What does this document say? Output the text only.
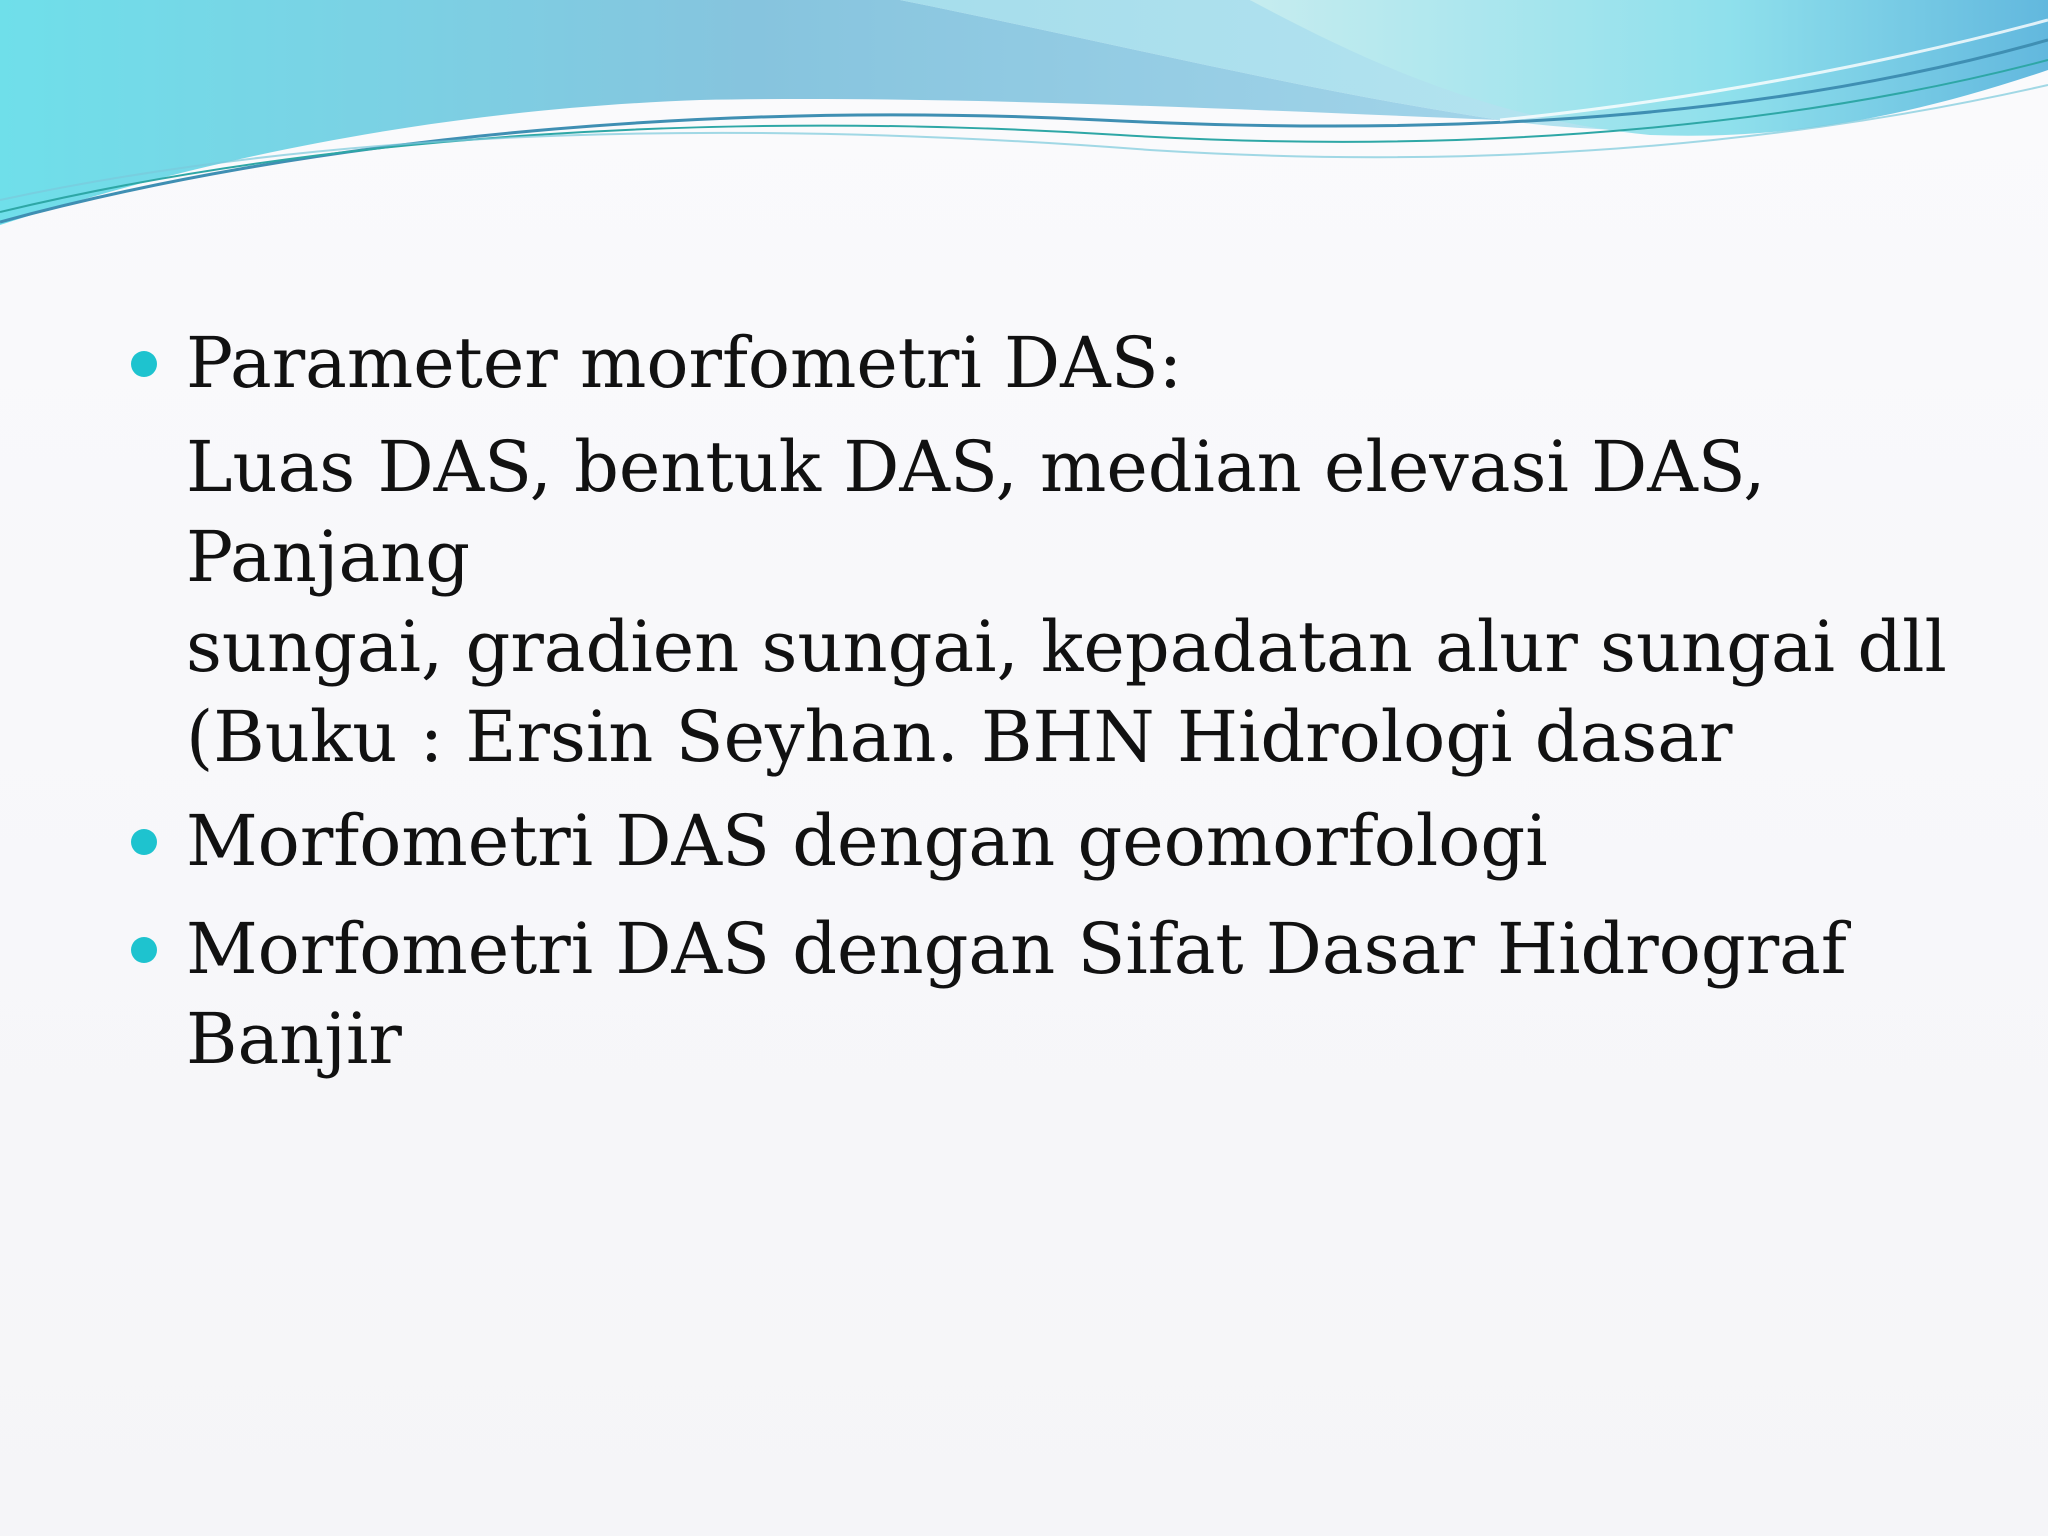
Parameter morfometri DAS:
Luas DAS, bentuk DAS, median elevasi DAS, Panjang
sungai, gradien sungai, kepadatan alur sungai dll
(Buku : Ersin Seyhan. BHN Hidrologi dasar
Morfometri DAS dengan geomorfologi
Morfometri DAS dengan Sifat Dasar Hidrograf Banjir
